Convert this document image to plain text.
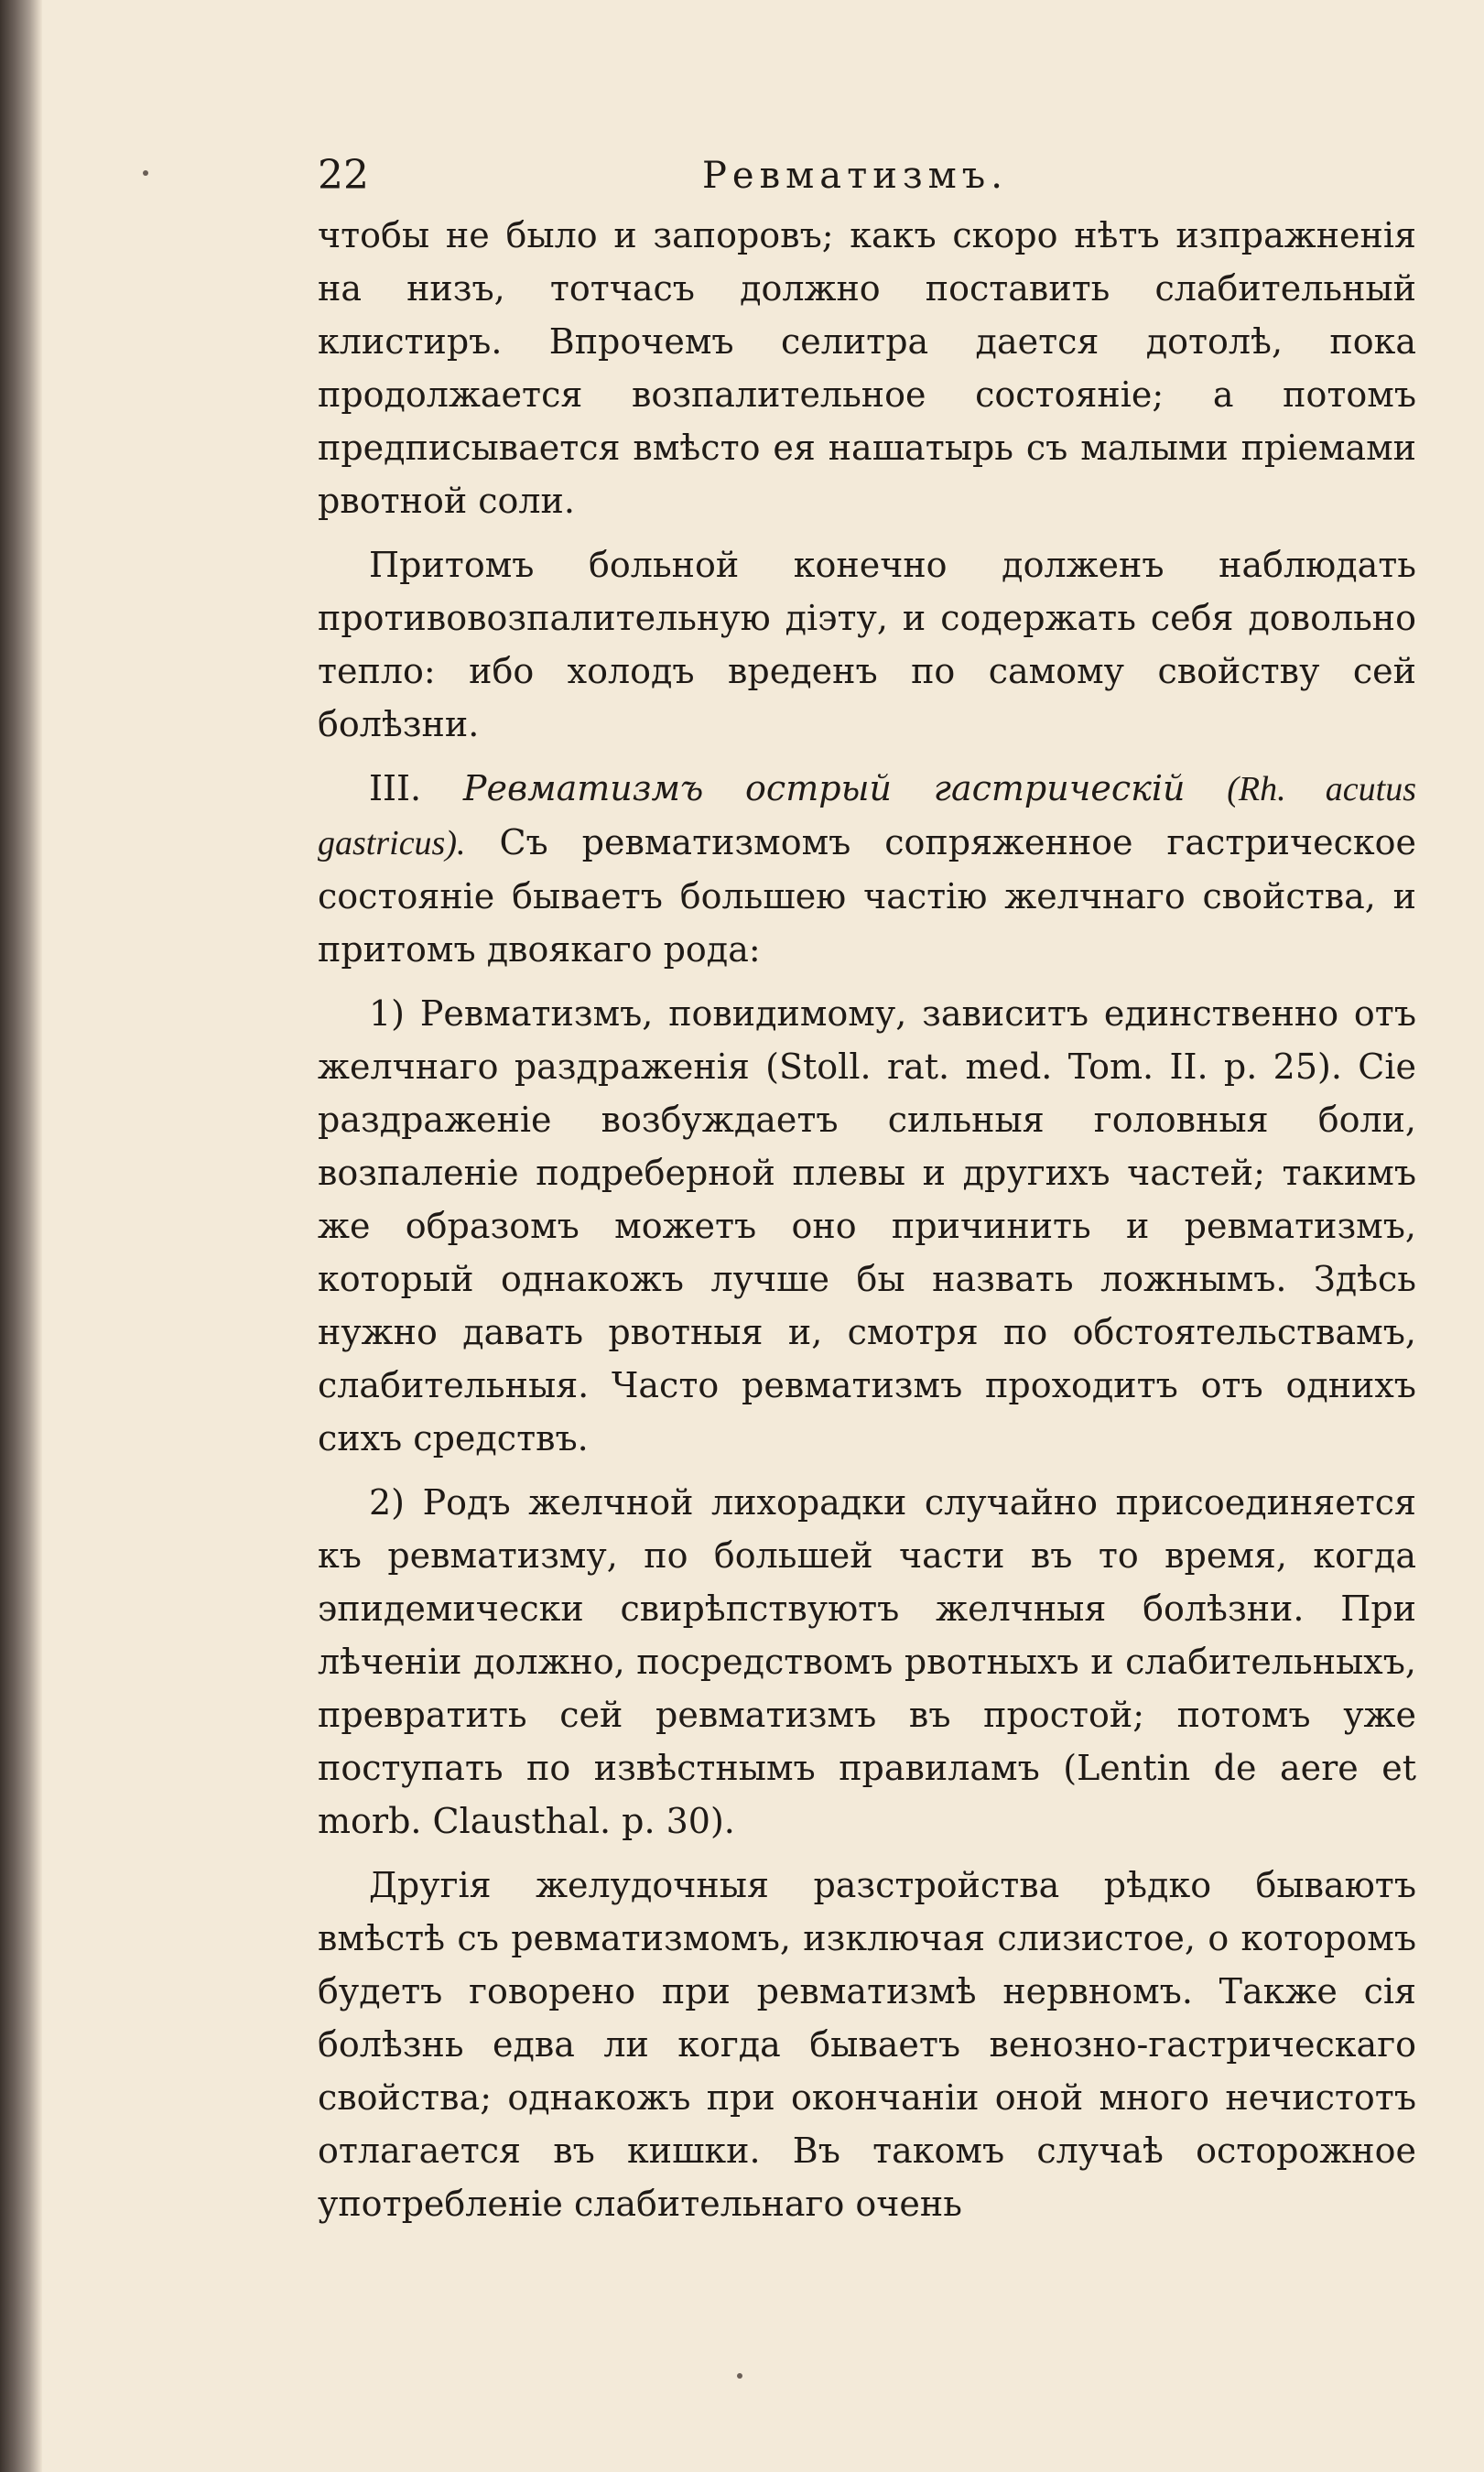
22	Ревматизмъ.

чтобы не было и запоровъ; какъ скоро нѣтъ изпражненія на низъ, тотчасъ должно поставить слабительный клистиръ. Впрочемъ селитра дается дотолѣ, пока продолжается возпалительное состояніе; а потомъ предписывается вмѣсто ея нашатырь съ малыми пріемами рвотной соли.

Притомъ больной конечно долженъ наблюдать противовозпалительную діэту, и содержать себя довольно тепло: ибо холодъ вреденъ по самому свойству сей болѣзни.

III. Ревматизмъ острый гастрическій (Rh. acutus gastricus). Съ ревматизмомъ сопряженное гастрическое состояніе бываетъ большею частію желчнаго свойства, и притомъ двоякаго рода:

1) Ревматизмъ, повидимому, зависитъ единственно отъ желчнаго раздраженія (Stoll. rat. med. Tom. II. p. 25). Сіе раздраженіе возбуждаетъ сильныя головныя боли, возпаленіе подреберной плевы и другихъ частей; такимъ же образомъ можетъ оно причинить и ревматизмъ, который однакожъ лучше бы назвать ложнымъ. Здѣсь нужно давать рвотныя и, смотря по обстоятельствамъ, слабительныя. Часто ревматизмъ проходитъ отъ однихъ сихъ средствъ.

2) Родъ желчной лихорадки случайно присоединяется къ ревматизму, по большей части въ то время, когда эпидемически свирѣпствуютъ желчныя болѣзни. При лѣченіи должно, посредствомъ рвотныхъ и слабительныхъ, превратить сей ревматизмъ въ простой; потомъ уже поступать по извѣстнымъ правиламъ (Lentin de aere et morb. Clausthal. p. 30).

Другія желудочныя разстройства рѣдко бываютъ вмѣстѣ съ ревматизмомъ, изключая слизистое, о которомъ будетъ говорено при ревматизмѣ нервномъ. Также сія болѣзнь едва ли когда бываетъ венозно-гастрическаго свойства; однакожъ при окончаніи оной много нечистотъ отлагается въ кишки. Въ такомъ случаѣ осторожное употребленіе слабительнаго очень
